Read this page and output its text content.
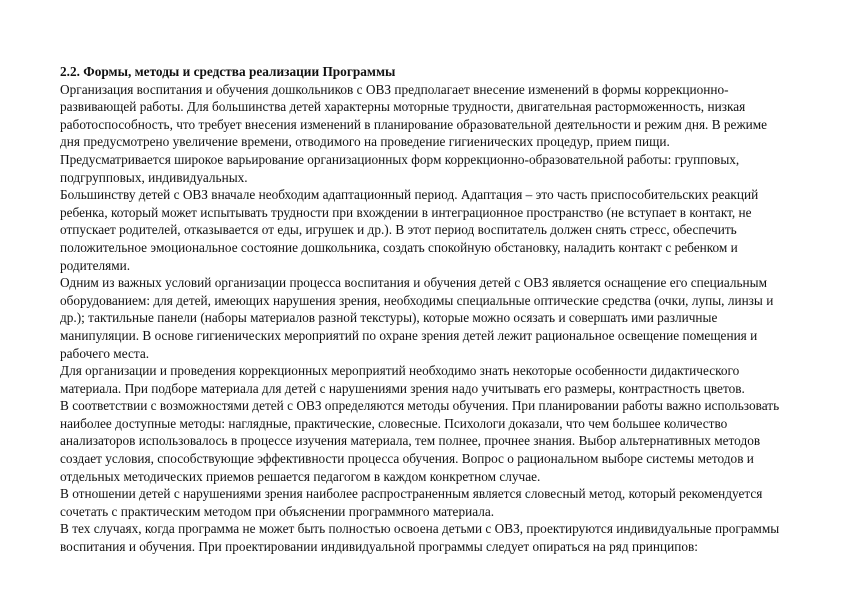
2.2. Формы, методы и средства реализации Программы

Организация воспитания и обучения дошкольников с ОВЗ предполагает внесение изменений в формы коррекционно-развивающей работы. Для большинства детей характерны моторные трудности, двигательная расторможенность, низкая работоспособность, что требует внесения изменений в планирование образовательной деятельности и режим дня. В режиме дня предусмотрено увеличение времени, отводимого на проведение гигиенических процедур, прием пищи.

Предусматривается широкое варьирование организационных форм коррекционно-образовательной работы: групповых, подгрупповых, индивидуальных.

Большинству детей с ОВЗ вначале необходим адаптационный период. Адаптация – это часть приспособительских реакций ребенка, который может испытывать трудности при вхождении в интеграционное пространство (не вступает в контакт, не отпускает родителей, отказывается от еды, игрушек и др.). В этот период воспитатель должен снять стресс, обеспечить положительное эмоциональное состояние дошкольника, создать спокойную обстановку, наладить контакт с ребенком и родителями.

Одним из важных условий организации процесса воспитания и обучения детей с ОВЗ является оснащение его специальным оборудованием: для детей, имеющих нарушения зрения, необходимы специальные оптические средства (очки, лупы, линзы и др.); тактильные панели (наборы материалов разной текстуры), которые можно осязать и совершать ими различные манипуляции. В основе гигиенических мероприятий по охране зрения детей лежит рациональное освещение помещения и рабочего места.

Для организации и проведения коррекционных мероприятий необходимо знать некоторые особенности дидактического материала. При подборе материала для детей с нарушениями зрения надо учитывать его размеры, контрастность цветов.

В соответствии с возможностями детей с ОВЗ определяются методы обучения. При планировании работы важно использовать наиболее доступные методы: наглядные, практические, словесные. Психологи доказали, что чем большее количество анализаторов использовалось в процессе изучения материала, тем полнее, прочнее знания. Выбор альтернативных методов создает условия, способствующие эффективности процесса обучения. Вопрос о рациональном выборе системы методов и отдельных методических приемов решается педагогом в каждом конкретном случае.

В отношении детей с нарушениями зрения наиболее распространенным является словесный метод, который рекомендуется сочетать с практическим методом при объяснении программного материала.

В тех случаях, когда программа не может быть полностью освоена детьми с ОВЗ, проектируются индивидуальные программы воспитания и обучения. При проектировании индивидуальной программы следует опираться на ряд принципов:
